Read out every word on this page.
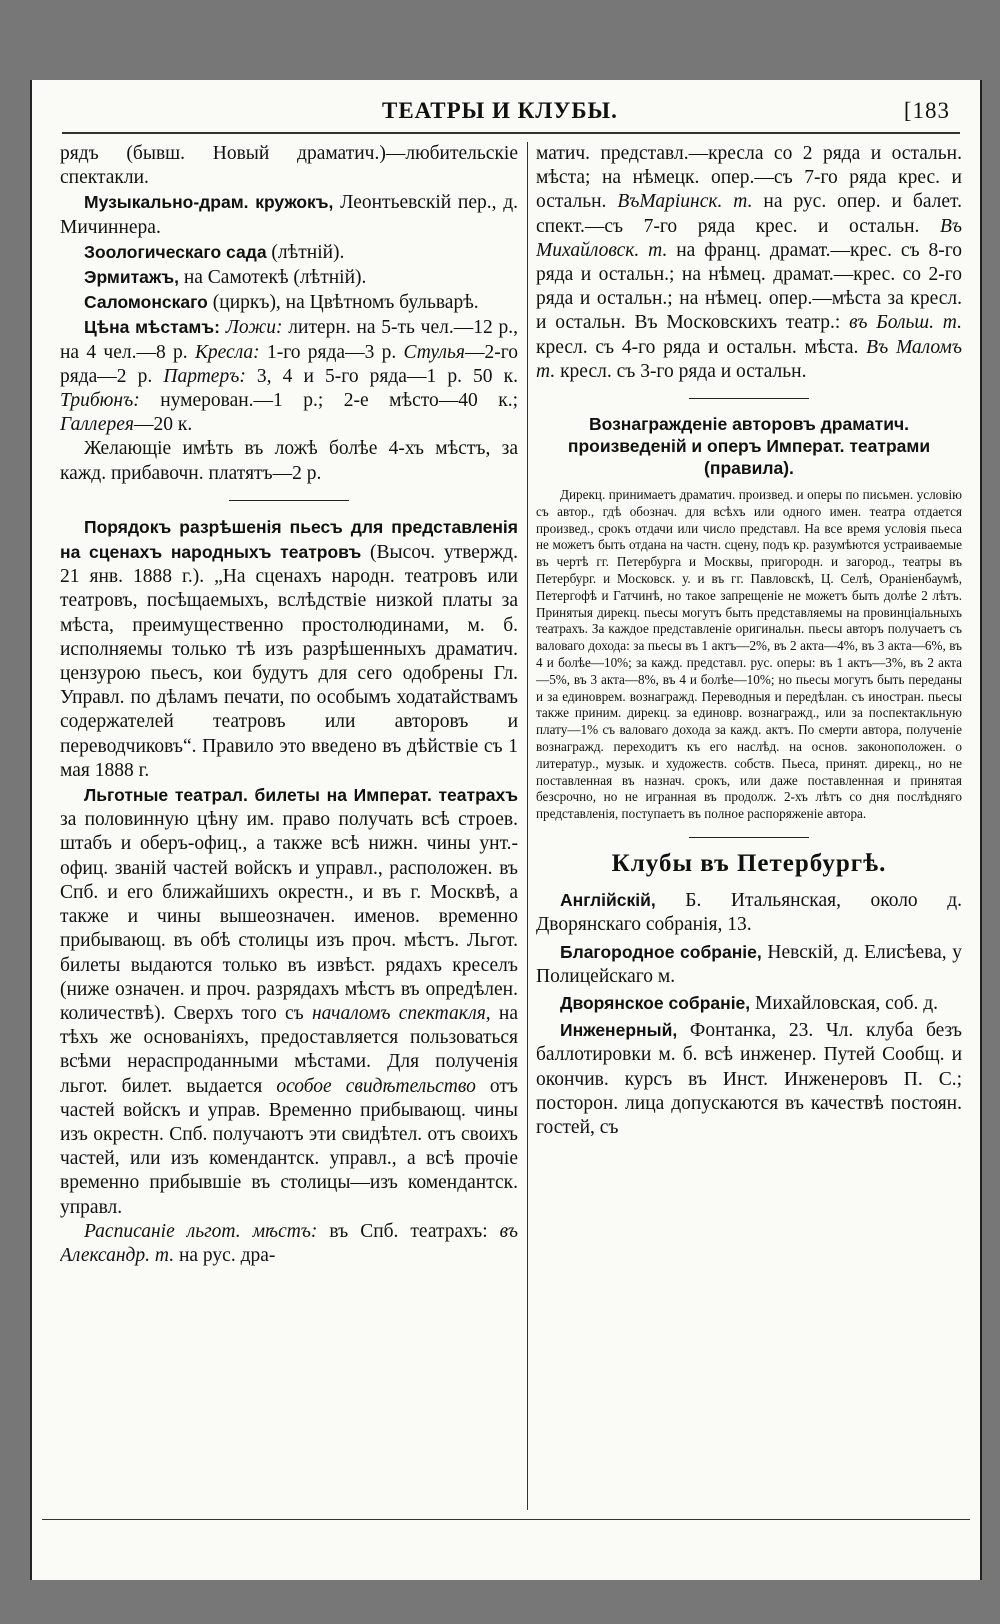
ТЕАТРЫ И КЛУБЫ.	[183

рядъ (бывш. Новый драматич.)—любительскіе спектакли.

Музыкально-драм. кружокъ, Леонтьевскій пер., д. Мичиннера.

Зоологическаго сада (лѣтній).

Эрмитажъ, на Самотекѣ (лѣтній).

Саломонскаго (циркъ), на Цвѣтномъ бульварѣ.

Цѣна мѣстамъ: Ложи: литерн. на 5-ть чел.—12 р., на 4 чел.—8 р. Кресла: 1-го ряда—3 р. Стулья—2-го ряда—2 р. Партеръ: 3, 4 и 5-го ряда—1 р. 50 к. Трибюнъ: нумерован.—1 р.; 2-е мѣсто—40 к.; Галлерея—20 к.

Желающіе имѣть въ ложѣ болѣе 4-хъ мѣстъ, за кажд. прибавочн. платятъ—2 р.

Порядокъ разрѣшенія пьесъ для представленія на сценахъ народныхъ театровъ (Высоч. утвержд. 21 янв. 1888 г.). „На сценахъ народн. театровъ или театровъ, посѣщаемыхъ, вслѣдствіе низкой платы за мѣста, преимущественно простолюдинами, м. б. исполняемы только тѣ изъ разрѣшенныхъ драматич. цензурою пьесъ, кои будутъ для сего одобрены Гл. Управл. по дѣламъ печати, по особымъ ходатайствамъ содержателей театровъ или авторовъ и переводчиковъ“. Правило это введено въ дѣйствіе съ 1 мая 1888 г.

Льготные театрал. билеты на Императ. театрахъ за половинную цѣну им. право получать всѣ строев. штабъ и оберъ-офиц., а также всѣ нижн. чины унт.-офиц. званій частей войскъ и управл., расположен. въ Спб. и его ближайшихъ окрестн., и въ г. Москвѣ, а также и чины вышеозначен. именов. временно прибывающ. въ обѣ столицы изъ проч. мѣстъ. Льгот. билеты выдаются только въ извѣст. рядахъ креселъ (ниже означен. и проч. разрядахъ мѣстъ въ опредѣлен. количествѣ). Сверхъ того съ началомъ спектакля, на тѣхъ же основаніяхъ, предоставляется пользоваться всѣми нераспроданными мѣстами. Для полученія льгот. билет. выдается особое свидѣтельство отъ частей войскъ и управ. Временно прибывающ. чины изъ окрестн. Спб. получаютъ эти свидѣтел. отъ своихъ частей, или изъ комендантск. управл., а всѣ прочіе временно прибывшіе въ столицы—изъ комендантск. управл.

Расписаніе льгот. мѣстъ: въ Спб. театрахъ: въ Александр. т. на рус. дра-

матич. представл.—кресла со 2 ряда и остальн. мѣста; на нѣмецк. опер.—съ 7-го ряда крес. и остальн. ВъМаріинск. т. на рус. опер. и балет. спект.—съ 7-го ряда крес. и остальн. Въ Михайловск. т. на франц. драмат.—крес. съ 8-го ряда и остальн.; на нѣмец. драмат.—крес. со 2-го ряда и остальн.; на нѣмец. опер.—мѣста за кресл. и остальн. Въ Московскихъ театр.: въ Больш. т. кресл. съ 4-го ряда и остальн. мѣста. Въ Маломъ т. кресл. съ 3-го ряда и остальн.

Вознагражденіе авторовъ драматич. произведеній и оперъ Императ. театрами (правила).

Дирекц. принимаетъ драматич. произвед. и оперы по письмен. условію съ автор., гдѣ обознач. для всѣхъ или одного имен. театра отдается произвед., срокъ отдачи или число представл. На все время условія пьеса не можетъ быть отдана на частн. сцену, подъ кр. разумѣются устраиваемые въ чертѣ гг. Петербурга и Москвы, пригородн. и загород., театры въ Петербург. и Московск. у. и въ гг. Павловскѣ, Ц. Селѣ, Ораніенбаумѣ, Петергофѣ и Гатчинѣ, но такое запрещеніе не можетъ быть долѣе 2 лѣтъ. Принятыя дирекц. пьесы могутъ быть представляемы на провинціальныхъ театрахъ. За каждое представленіе оригинальн. пьесы авторъ получаетъ съ валоваго дохода: за пьесы въ 1 актъ—2%, въ 2 акта—4%, въ 3 акта—6%, въ 4 и болѣе—10%; за кажд. представл. рус. оперы: въ 1 актъ—3%, въ 2 акта—5%, въ 3 акта—8%, въ 4 и болѣе—10%; но пьесы могутъ быть переданы и за единоврем. вознагражд. Переводныя и передѣлан. съ иностран. пьесы также приним. дирекц. за единовр. вознагражд., или за поспектакльную плату—1% съ валоваго дохода за кажд. актъ. По смерти автора, полученіе вознагражд. переходитъ къ его наслѣд. на основ. законоположен. о литератур., музык. и художеств. собств. Пьеса, принят. дирекц., но не поставленная въ назнач. срокъ, или даже поставленная и принятая безсрочно, но не игранная въ продолж. 2-хъ лѣтъ со дня послѣдняго представленія, поступаетъ въ полное распоряженіе автора.

Клубы въ Петербургѣ.

Англійскій, Б. Итальянская, около д. Дворянскаго собранія, 13.

Благородное собраніе, Невскій, д. Елисѣева, у Полицейскаго м.

Дворянское собраніе, Михайловская, соб. д.

Инженерный, Фонтанка, 23. Чл. клуба безъ баллотировки м. б. всѣ инженер. Путей Сообщ. и окончив. курсъ въ Инст. Инженеровъ П. С.; посторон. лица допускаются въ качествѣ постоян. гостей, съ
